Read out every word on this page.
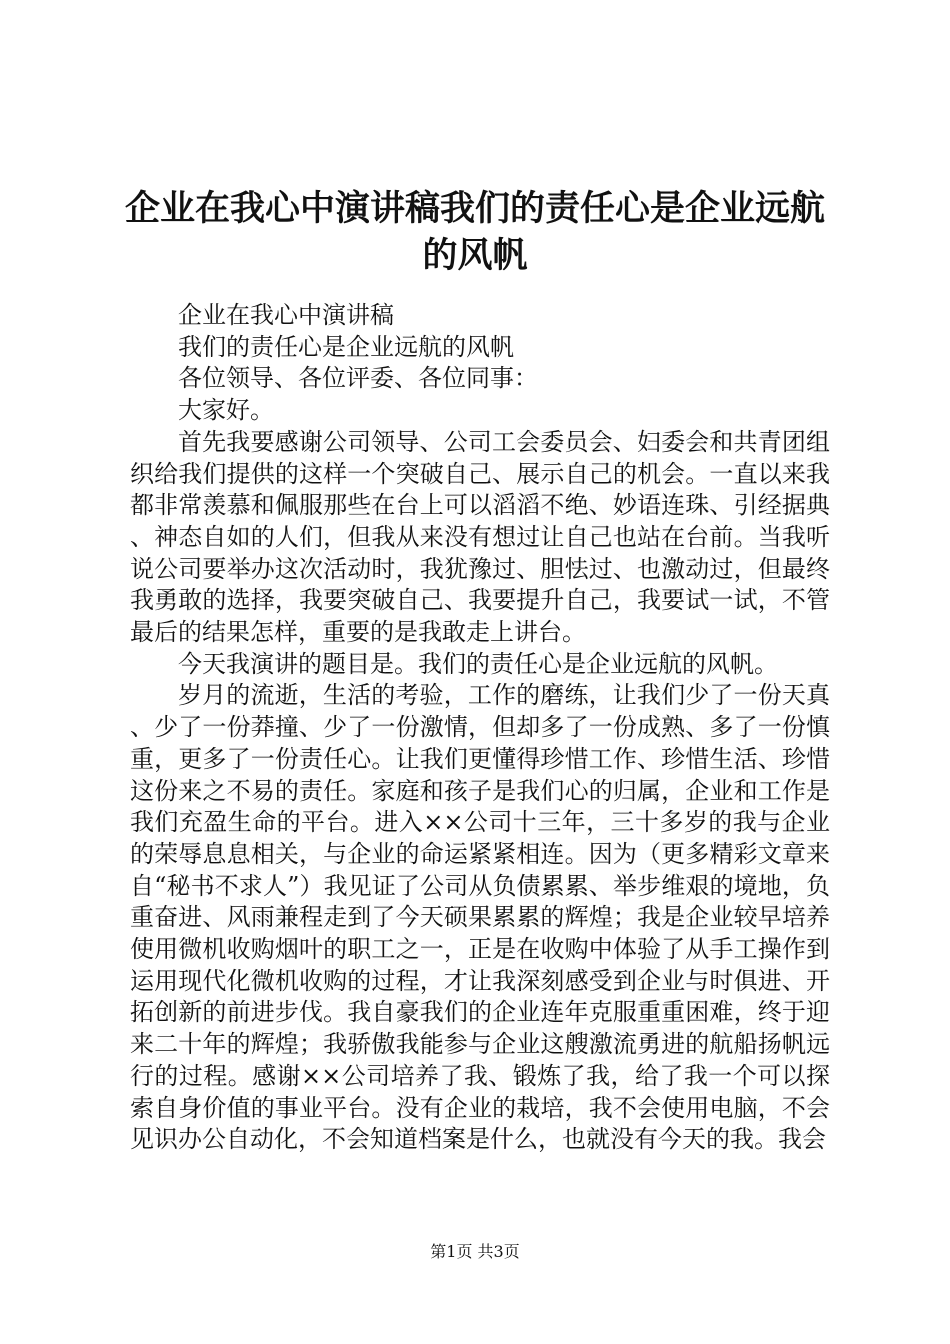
企业在我心中演讲稿我们的责任心是企业远航
的风帆

企业在我心中演讲稿

我们的责任心是企业远航的风帆

各位领导、各位评委、各位同事：

大家好。

首先我要感谢公司领导、公司工会委员会、妇委会和共青团组织给我们提供的这样一个突破自己、展示自己的机会。一直以来我都非常羡慕和佩服那些在台上可以滔滔不绝、妙语连珠、引经据典、神态自如的人们，但我从来没有想过让自己也站在台前。当我听说公司要举办这次活动时，我犹豫过、胆怯过、也激动过，但最终我勇敢的选择，我要突破自己、我要提升自己，我要试一试，不管最后的结果怎样，重要的是我敢走上讲台。

今天我演讲的题目是。我们的责任心是企业远航的风帆。

岁月的流逝，生活的考验，工作的磨练，让我们少了一份天真、少了一份莽撞、少了一份激情，但却多了一份成熟、多了一份慎重，更多了一份责任心。让我们更懂得珍惜工作、珍惜生活、珍惜这份来之不易的责任。家庭和孩子是我们心的归属，企业和工作是我们充盈生命的平台。进入××公司十三年，三十多岁的我与企业的荣辱息息相关，与企业的命运紧紧相连。因为（更多精彩文章来自“秘书不求人”）我见证了公司从负债累累、举步维艰的境地，负重奋进、风雨兼程走到了今天硕果累累的辉煌；我是企业较早培养使用微机收购烟叶的职工之一，正是在收购中体验了从手工操作到运用现代化微机收购的过程，才让我深刻感受到企业与时俱进、开拓创新的前进步伐。我自豪我们的企业连年克服重重困难，终于迎来二十年的辉煌；我骄傲我能参与企业这艘激流勇进的航船扬帆远行的过程。感谢××公司培养了我、锻炼了我，给了我一个可以探索自身价值的事业平台。没有企业的栽培，我不会使用电脑，不会见识办公自动化，不会知道档案是什么，也就没有今天的我。我会

第1页 共3页
